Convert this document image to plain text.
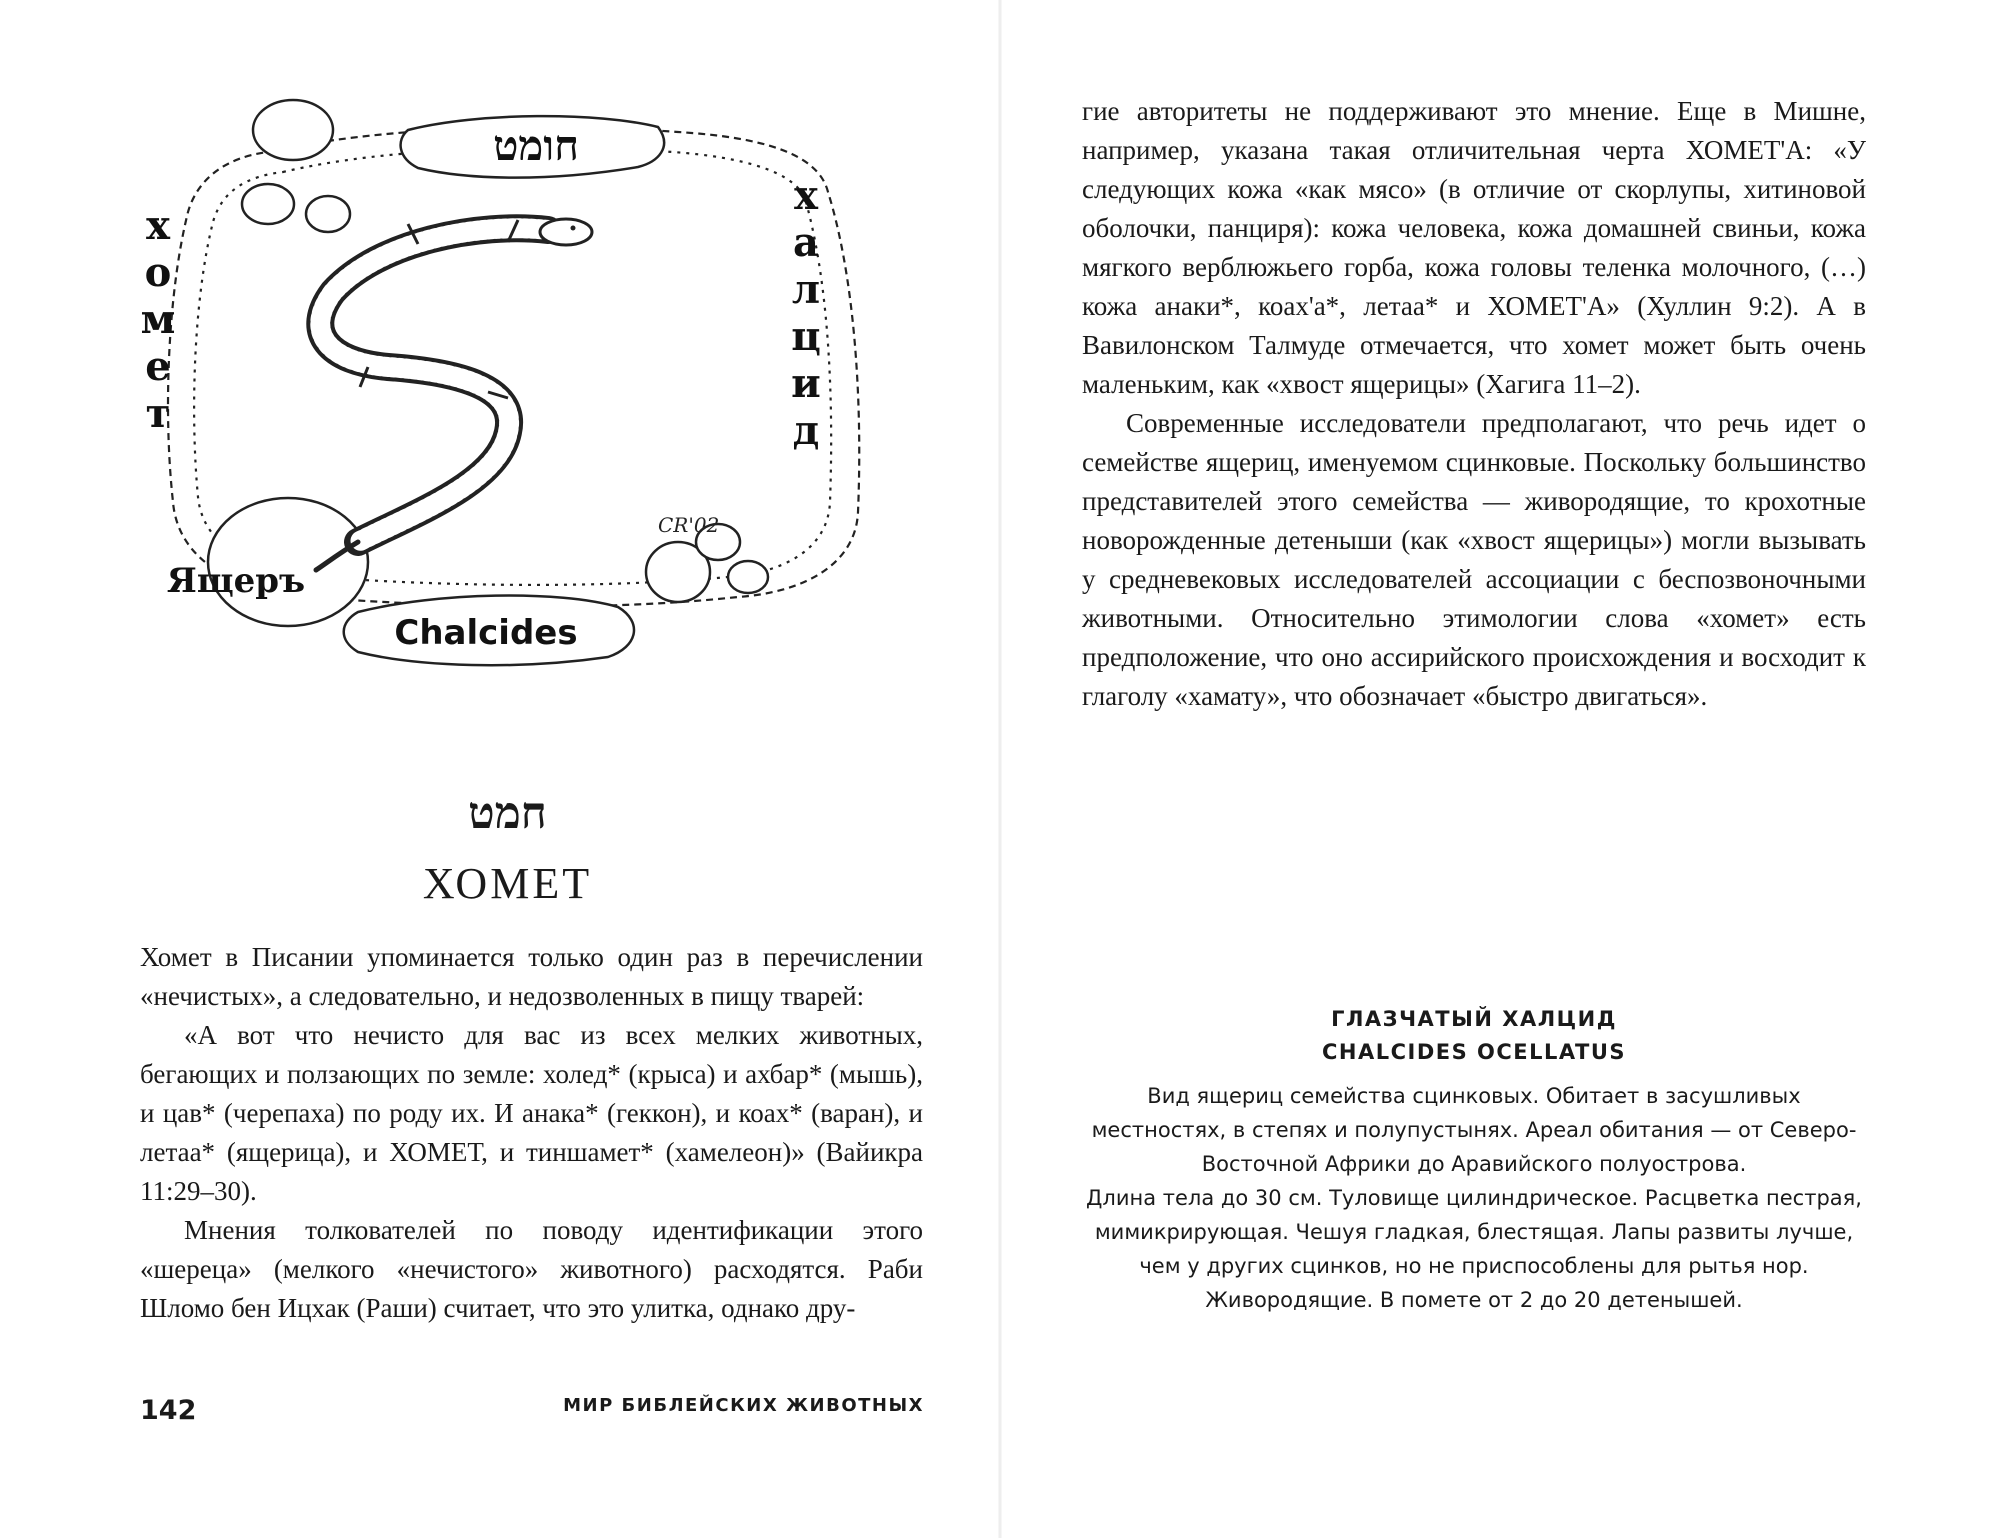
חומט
Chalcides
Ящеръ
хомет	халцид
CR'02
חמט
ХОМЕТ

Хомет в Писании упоминается только один раз в перечислении «нечистых», а следовательно, и недозволенных в пищу тварей:

«А вот что нечисто для вас из всех мелких животных, бегающих и ползающих по земле: холед* (крыса) и ахбар* (мышь), и цав* (черепаха) по роду их. И анака* (геккон), и коах* (варан), и летаа* (ящерица), и ХОМЕТ, и тиншамет* (хамелеон)» (Вайикра 11:29–30).

Мнения толкователей по поводу идентификации этого «шереца» (мелкого «нечистого» животного) расходятся. Раби Шломо бен Ицхак (Раши) считает, что это улитка, однако дру-

142	МИР БИБЛЕЙСКИХ ЖИВОТНЫХ

гие авторитеты не поддерживают это мнение. Еще в Мишне, например, указана такая отличительная черта ХОМЕТ'А: «У следующих кожа «как мясо» (в отличие от скорлупы, хитиновой оболочки, панциря): кожа человека, кожа домашней свиньи, кожа мягкого верблюжьего горба, кожа головы теленка молочного, (…) кожа анаки*, коах'а*, летаа* и ХОМЕТ'А» (Хуллин 9:2). А в Вавилонском Талмуде отмечается, что хомет может быть очень маленьким, как «хвост ящерицы» (Хагига 11–2).

Современные исследователи предполагают, что речь идет о семействе ящериц, именуемом сцинковые. Поскольку большинство представителей этого семейства — живородящие, то крохотные новорожденные детеныши (как «хвост ящерицы») могли вызывать у средневековых исследователей ассоциации с беспозвоночными животными. Относительно этимологии слова «хомет» есть предположение, что оно ассирийского происхождения и восходит к глаголу «хамату», что обозначает «быстро двигаться».

ГЛАЗЧАТЫЙ ХАЛЦИД
CHALCIDES OCELLATUS

Вид ящериц семейства сцинковых. Обитает в засушливых местностях, в степях и полупустынях. Ареал обитания — от Северо-Восточной Африки до Аравийского полуострова.

Длина тела до 30 см. Туловище цилиндрическое. Расцветка пестрая, мимикрирующая. Чешуя гладкая, блестящая. Лапы развиты лучше, чем у других сцинков, но не приспособлены для рытья нор. Живородящие. В помете от 2 до 20 детенышей.
